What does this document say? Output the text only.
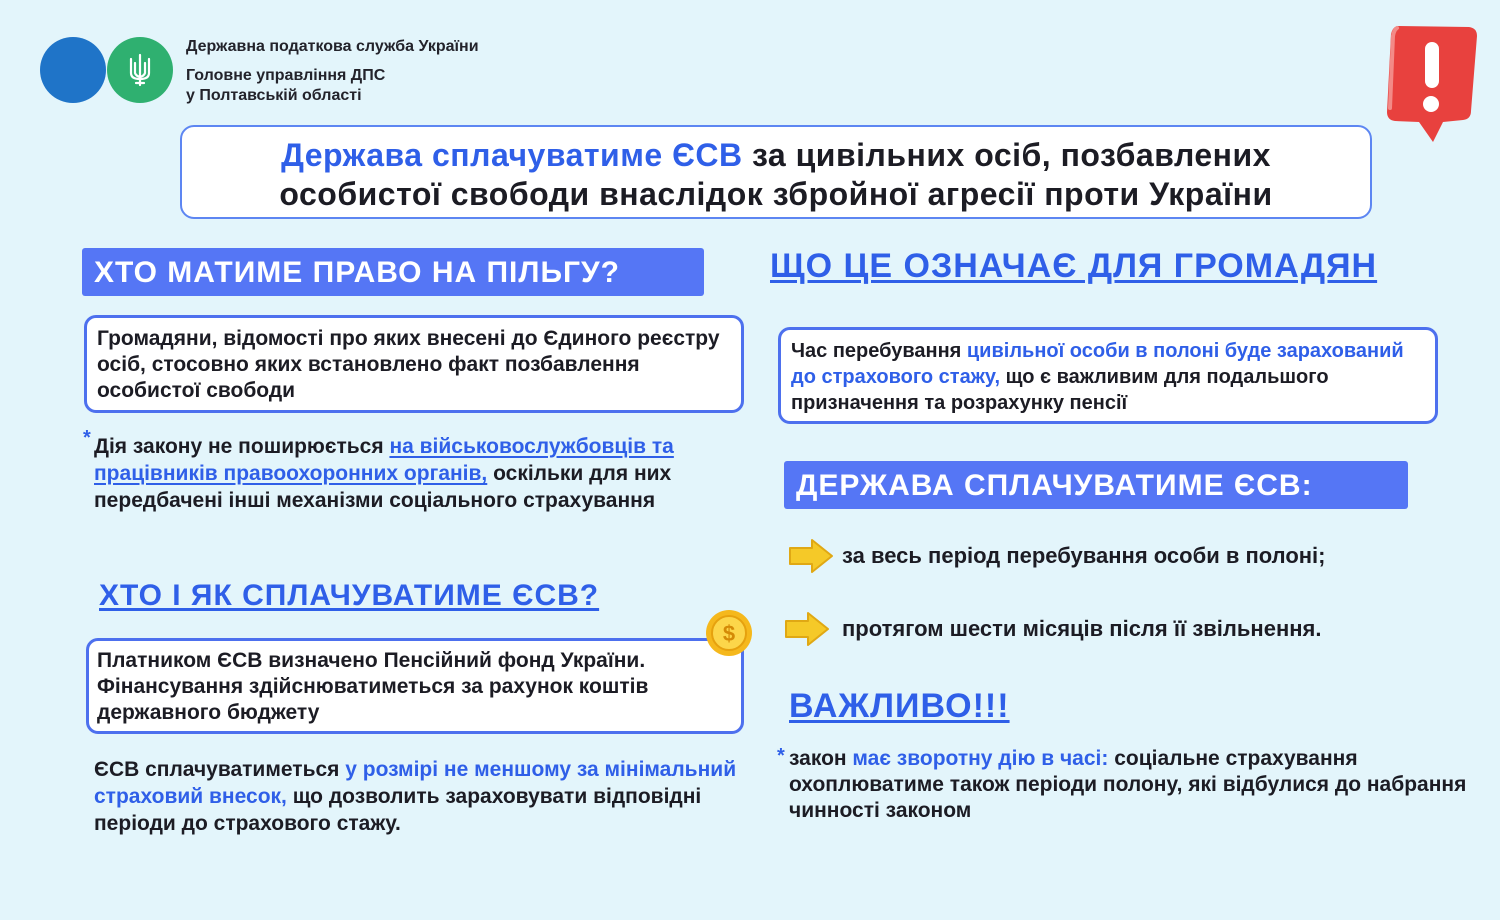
Державна податкова служба України
Головне управління ДПС
у Полтавській області
Держава сплачуватиме ЄСВ за цивільних осіб, позбавлених
особистої свободи внаслідок збройної агресії проти України
ХТО МАТИМЕ ПРАВО НА ПІЛЬГУ?
Громадяни, відомості про яких внесені до Єдиного реєстру осіб, стосовно яких встановлено факт позбавлення особистої свободи
* Дія закону не поширюється на військовослужбовців та працівників правоохоронних органів, оскільки для них передбачені інші механізми соціального страхування
ХТО І ЯК СПЛАЧУВАТИМЕ ЄСВ?
Платником ЄСВ визначено Пенсійний фонд України. Фінансування здійснюватиметься за рахунок коштів державного бюджету
$
ЄСВ сплачуватиметься у розмірі не меншому за мінімальний страховий внесок, що дозволить зараховувати відповідні періоди до страхового стажу.
ЩО ЦЕ ОЗНАЧАЄ ДЛЯ ГРОМАДЯН
Час перебування цивільної особи в полоні буде зарахований до страхового стажу, що є важливим для подальшого призначення та розрахунку пенсії
ДЕРЖАВА СПЛАЧУВАТИМЕ ЄСВ:
за весь період перебування особи в полоні;
протягом шести місяців після її звільнення.
ВАЖЛИВО!!!
* закон має зворотну дію в часі: соціальне страхування охоплюватиме також періоди полону, які відбулися до набрання чинності законом
